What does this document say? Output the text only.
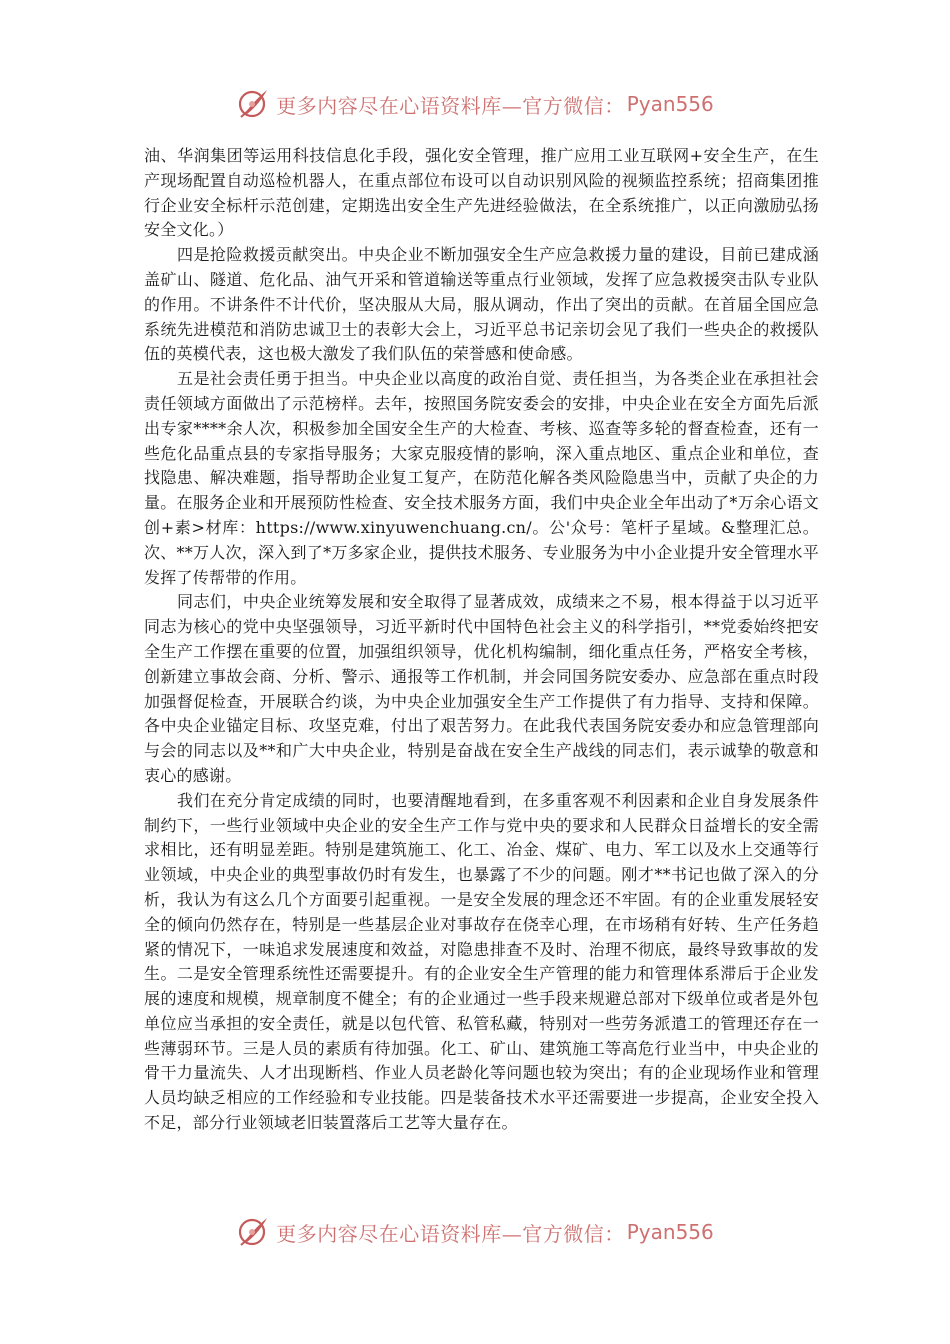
更多内容尽在心语资料库—官方微信： Pyan556

油、华润集团等运用科技信息化手段，强化安全管理，推广应用工业互联网+安全生产，在生产现场配置自动巡检机器人，在重点部位布设可以自动识别风险的视频监控系统；招商集团推行企业安全标杆示范创建，定期选出安全生产先进经验做法，在全系统推广，以正向激励弘扬安全文化。）

四是抢险救援贡献突出。中央企业不断加强安全生产应急救援力量的建设，目前已建成涵盖矿山、隧道、危化品、油气开采和管道输送等重点行业领域，发挥了应急救援突击队专业队的作用。不讲条件不计代价，坚决服从大局，服从调动，作出了突出的贡献。在首届全国应急系统先进模范和消防忠诚卫士的表彰大会上，习近平总书记亲切会见了我们一些央企的救援队伍的英模代表，这也极大激发了我们队伍的荣誉感和使命感。

五是社会责任勇于担当。中央企业以高度的政治自觉、责任担当，为各类企业在承担社会责任领域方面做出了示范榜样。去年，按照国务院安委会的安排，中央企业在安全方面先后派出专家****余人次，积极参加全国安全生产的大检查、考核、巡查等多轮的督查检查，还有一些危化品重点县的专家指导服务；大家克服疫情的影响，深入重点地区、重点企业和单位，查找隐患、解决难题，指导帮助企业复工复产，在防范化解各类风险隐患当中，贡献了央企的力量。在服务企业和开展预防性检查、安全技术服务方面，我们中央企业全年出动了*万余心语文创+素>材库：https://www.xinyuwenchuang.cn/。公'众号：笔杆子星域。&整理汇总。次、**万人次，深入到了*万多家企业，提供技术服务、专业服务为中小企业提升安全管理水平发挥了传帮带的作用。

同志们，中央企业统筹发展和安全取得了显著成效，成绩来之不易，根本得益于以习近平同志为核心的党中央坚强领导，习近平新时代中国特色社会主义的科学指引，**党委始终把安全生产工作摆在重要的位置，加强组织领导，优化机构编制，细化重点任务，严格安全考核，创新建立事故会商、分析、警示、通报等工作机制，并会同国务院安委办、应急部在重点时段加强督促检查，开展联合约谈，为中央企业加强安全生产工作提供了有力指导、支持和保障。各中央企业锚定目标、攻坚克难，付出了艰苦努力。在此我代表国务院安委办和应急管理部向与会的同志以及**和广大中央企业，特别是奋战在安全生产战线的同志们，表示诚挚的敬意和衷心的感谢。

我们在充分肯定成绩的同时，也要清醒地看到，在多重客观不利因素和企业自身发展条件制约下，一些行业领域中央企业的安全生产工作与党中央的要求和人民群众日益增长的安全需求相比，还有明显差距。特别是建筑施工、化工、冶金、煤矿、电力、军工以及水上交通等行业领域，中央企业的典型事故仍时有发生，也暴露了不少的问题。刚才**书记也做了深入的分析，我认为有这么几个方面要引起重视。一是安全发展的理念还不牢固。有的企业重发展轻安全的倾向仍然存在，特别是一些基层企业对事故存在侥幸心理，在市场稍有好转、生产任务趋紧的情况下，一味追求发展速度和效益，对隐患排查不及时、治理不彻底，最终导致事故的发生。二是安全管理系统性还需要提升。有的企业安全生产管理的能力和管理体系滞后于企业发展的速度和规模，规章制度不健全；有的企业通过一些手段来规避总部对下级单位或者是外包单位应当承担的安全责任，就是以包代管、私管私藏，特别对一些劳务派遣工的管理还存在一些薄弱环节。三是人员的素质有待加强。化工、矿山、建筑施工等高危行业当中，中央企业的骨干力量流失、人才出现断档、作业人员老龄化等问题也较为突出；有的企业现场作业和管理人员均缺乏相应的工作经验和专业技能。四是装备技术水平还需要进一步提高，企业安全投入不足，部分行业领域老旧装置落后工艺等大量存在。

更多内容尽在心语资料库—官方微信： Pyan556
